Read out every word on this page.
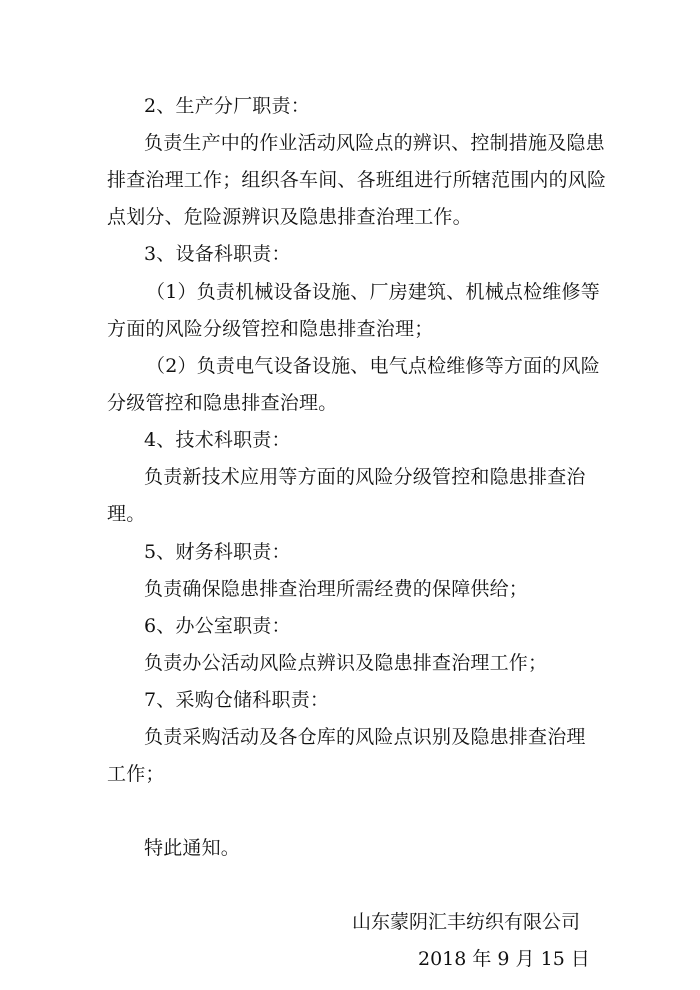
2、生产分厂职责：
负责生产中的作业活动风险点的辨识、控制措施及隐患
排查治理工作；组织各车间、各班组进行所辖范围内的风险
点划分、危险源辨识及隐患排查治理工作。
3、设备科职责：
（1）负责机械设备设施、厂房建筑、机械点检维修等
方面的风险分级管控和隐患排查治理；
（2）负责电气设备设施、电气点检维修等方面的风险
分级管控和隐患排查治理。
4、技术科职责：
负责新技术应用等方面的风险分级管控和隐患排查治
理。
5、财务科职责：
负责确保隐患排查治理所需经费的保障供给；
6、办公室职责：
负责办公活动风险点辨识及隐患排查治理工作；
7、采购仓储科职责：
负责采购活动及各仓库的风险点识别及隐患排查治理
工作；
特此通知。
山东蒙阴汇丰纺织有限公司
2018 年 9 月 15 日
